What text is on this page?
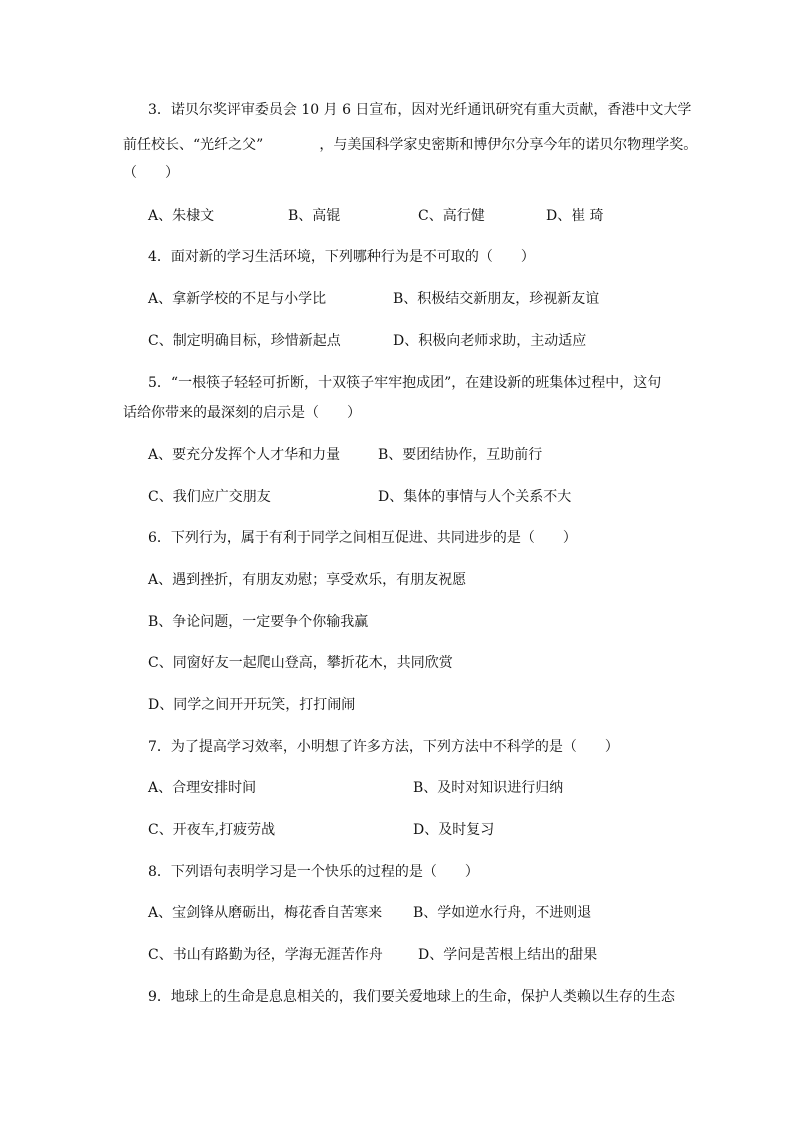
3．诺贝尔奖评审委员会 10 月 6 日宣布，因对光纤通讯研究有重大贡献，香港中文大学
前任校长、“光纤之父”　　　　，与美国科学家史密斯和博伊尔分享今年的诺贝尔物理学奖。
（　　）
A、朱棣文	B、高锟	C、高行健	D、崔 琦
4．面对新的学习生活环境，下列哪种行为是不可取的（　　）
A、拿新学校的不足与小学比	B、积极结交新朋友，珍视新友谊
C、制定明确目标，珍惜新起点	D、积极向老师求助，主动适应
5．“一根筷子轻轻可折断，十双筷子牢牢抱成团”，在建设新的班集体过程中，这句
话给你带来的最深刻的启示是（　　）
A、要充分发挥个人才华和力量	B、要团结协作，互助前行
C、我们应广交朋友	D、集体的事情与人个关系不大
6．下列行为，属于有利于同学之间相互促进、共同进步的是（　　）
A、遇到挫折，有朋友劝慰；享受欢乐，有朋友祝愿
B、争论问题，一定要争个你输我赢
C、同窗好友一起爬山登高，攀折花木，共同欣赏
D、同学之间开开玩笑，打打闹闹
7．为了提高学习效率，小明想了许多方法，下列方法中不科学的是（　　）
A、合理安排时间	B、及时对知识进行归纳
C、开夜车,打疲劳战	D、及时复习
8．下列语句表明学习是一个快乐的过程的是（　　）
A、宝剑锋从磨砺出，梅花香自苦寒来 B、学如逆水行舟，不进则退
C、书山有路勤为径，学海无涯苦作舟	D、学问是苦根上结出的甜果
9．地球上的生命是息息相关的，我们要关爱地球上的生命，保护人类赖以生存的生态
